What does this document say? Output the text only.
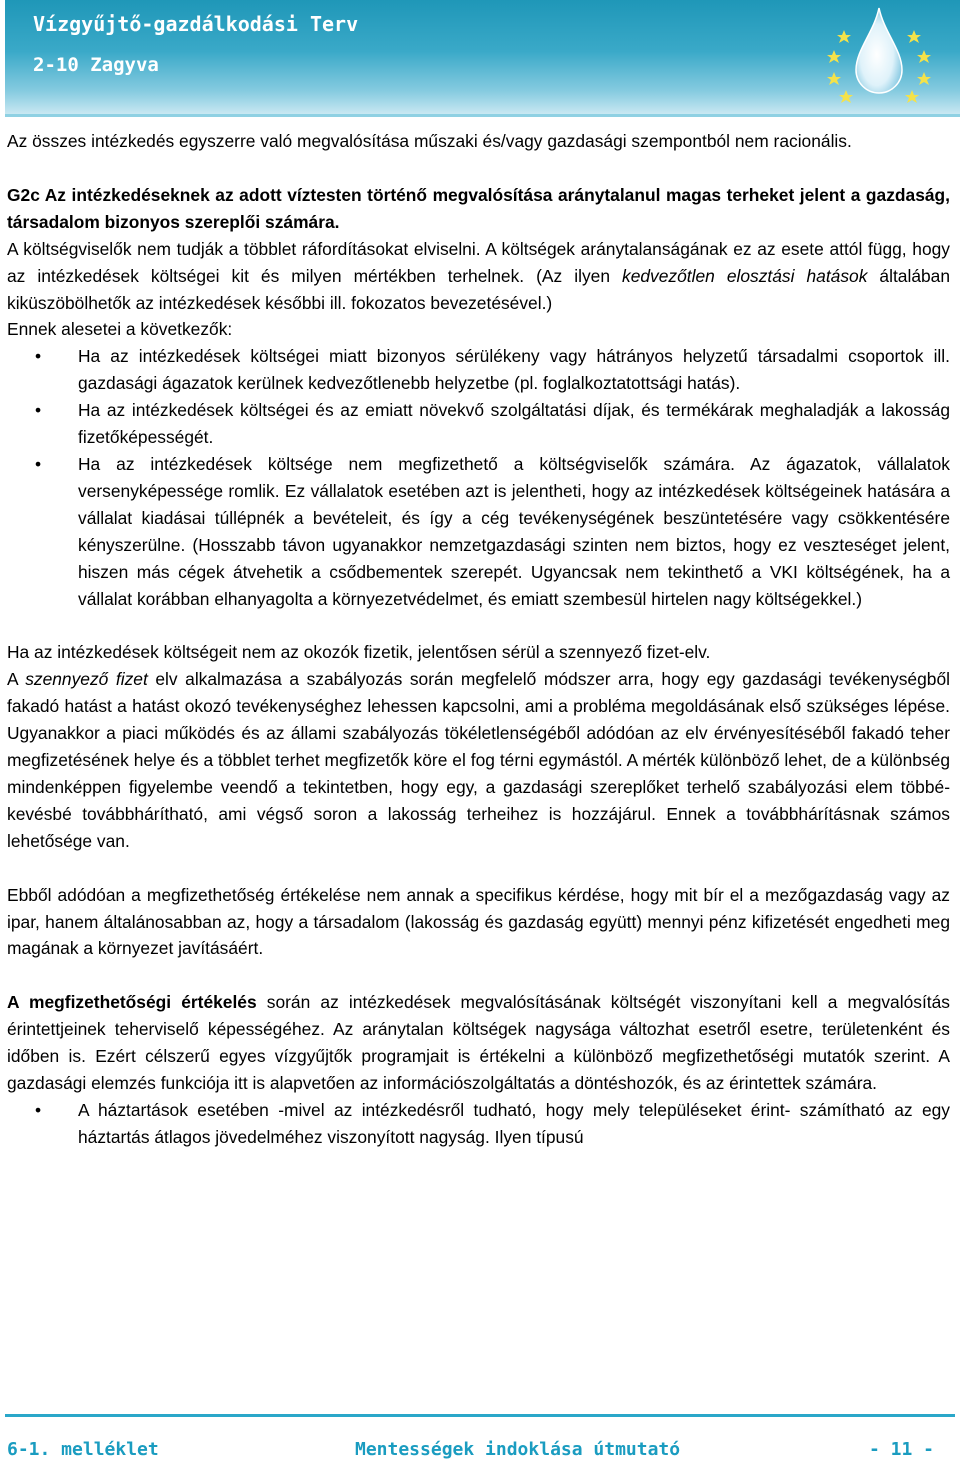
Vízgyűjtő-gazdálkodási Terv
2-10 Zagyva

Az összes intézkedés egyszerre való megvalósítása műszaki és/vagy gazdasági szempontból nem racionális.

G2c Az intézkedéseknek az adott víztesten történő megvalósítása aránytalanul magas terheket jelent a gazdaság, társadalom bizonyos szereplői számára.

A költségviselők nem tudják a többlet ráfordításokat elviselni. A költségek aránytalanságának ez az esete attól függ, hogy az intézkedések költségei kit és milyen mértékben terhelnek. (Az ilyen kedvezőtlen elosztási hatások általában kiküszöbölhetők az intézkedések későbbi ill. fokozatos bevezetésével.)

Ennek alesetei a következők:

• Ha az intézkedések költségei miatt bizonyos sérülékeny vagy hátrányos helyzetű társadalmi csoportok ill. gazdasági ágazatok kerülnek kedvezőtlenebb helyzetbe (pl. foglalkoztatottsági hatás).
• Ha az intézkedések költségei és az emiatt növekvő szolgáltatási díjak, és termékárak meghaladják a lakosság fizetőképességét.
• Ha az intézkedések költsége nem megfizethető a költségviselők számára. Az ágazatok, vállalatok versenyképessége romlik. Ez vállalatok esetében azt is jelentheti, hogy az intézkedések költségeinek hatására a vállalat kiadásai túllépnék a bevételeit, és így a cég tevékenységének beszüntetésére vagy csökkentésére kényszerülne. (Hosszabb távon ugyanakkor nemzetgazdasági szinten nem biztos, hogy ez veszteséget jelent, hiszen más cégek átvehetik a csődbementek szerepét. Ugyancsak nem tekinthető a VKI költségének, ha a vállalat korábban elhanyagolta a környezetvédelmet, és emiatt szembesül hirtelen nagy költségekkel.)

Ha az intézkedések költségeit nem az okozók fizetik, jelentősen sérül a szennyező fizet-elv.

A szennyező fizet elv alkalmazása a szabályozás során megfelelő módszer arra, hogy egy gazdasági tevékenységből fakadó hatást a hatást okozó tevékenységhez lehessen kapcsolni, ami a probléma megoldásának első szükséges lépése. Ugyanakkor a piaci működés és az állami szabályozás tökéletlenségéből adódóan az elv érvényesítéséből fakadó teher megfizetésének helye és a többlet terhet megfizetők köre el fog térni egymástól. A mérték különböző lehet, de a különbség mindenképpen figyelembe veendő a tekintetben, hogy egy, a gazdasági szereplőket terhelő szabályozási elem többé-kevésbé továbbhárítható, ami végső soron a lakosság terheihez is hozzájárul. Ennek a továbbhárításnak számos lehetősége van.

Ebből adódóan a megfizethetőség értékelése nem annak a specifikus kérdése, hogy mit bír el a mezőgazdaság vagy az ipar, hanem általánosabban az, hogy a társadalom (lakosság és gazdaság együtt) mennyi pénz kifizetését engedheti meg magának a környezet javításáért.

A megfizethetőségi értékelés során az intézkedések megvalósításának költségét viszonyítani kell a megvalósítás érintettjeinek teherviselő képességéhez. Az aránytalan költségek nagysága változhat esetről esetre, területenként és időben is. Ezért célszerű egyes vízgyűjtők programjait is értékelni a különböző megfizethetőségi mutatók szerint. A gazdasági elemzés funkciója itt is alapvetően az információszolgáltatás a döntéshozók, és az érintettek számára.

• A háztartások esetében -mivel az intézkedésről tudható, hogy mely településeket érint- számítható az egy háztartás átlagos jövedelméhez viszonyított nagyság. Ilyen típusú
6-1. melléklet	Mentességek indoklása útmutató	- 11 -
